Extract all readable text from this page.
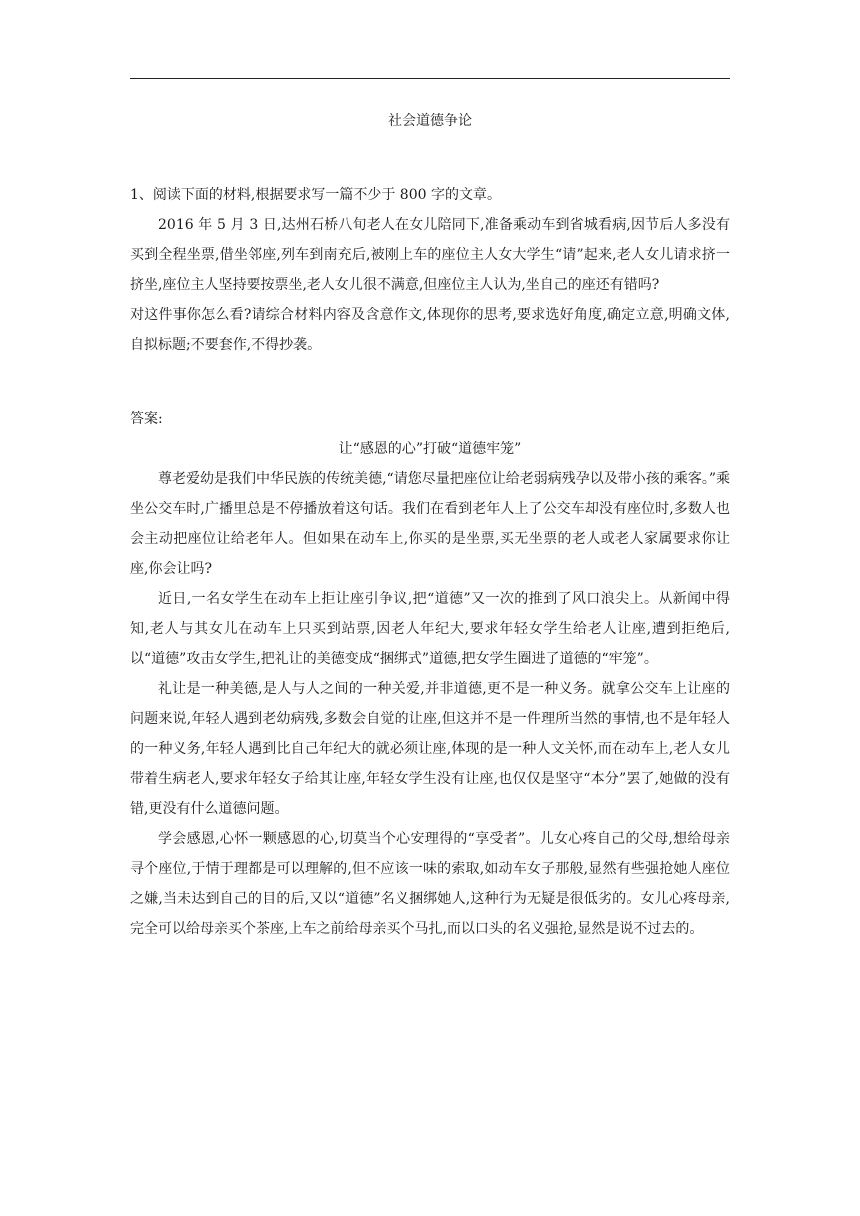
社会道德争论

1、阅读下面的材料,根据要求写一篇不少于 800 字的文章。

2016 年 5 月 3 日,达州石桥八旬老人在女儿陪同下,准备乘动车到省城看病,因节后人多没有买到全程坐票,借坐邻座,列车到南充后,被刚上车的座位主人女大学生“请”起来,老人女儿请求挤一挤坐,座位主人坚持要按票坐,老人女儿很不满意,但座位主人认为,坐自己的座还有错吗?

对这件事你怎么看?请综合材料内容及含意作文,体现你的思考,要求选好角度,确定立意,明确文体,自拟标题;不要套作,不得抄袭。

答案:

让“感恩的心”打破“道德牢笼”

尊老爱幼是我们中华民族的传统美德,“请您尽量把座位让给老弱病残孕以及带小孩的乘客。”乘坐公交车时,广播里总是不停播放着这句话。我们在看到老年人上了公交车却没有座位时,多数人也会主动把座位让给老年人。但如果在动车上,你买的是坐票,买无坐票的老人或老人家属要求你让座,你会让吗?

近日,一名女学生在动车上拒让座引争议,把“道德”又一次的推到了风口浪尖上。从新闻中得知,老人与其女儿在动车上只买到站票,因老人年纪大,要求年轻女学生给老人让座,遭到拒绝后,以“道德”攻击女学生,把礼让的美德变成“捆绑式”道德,把女学生圈进了道德的“牢笼”。

礼让是一种美德,是人与人之间的一种关爱,并非道德,更不是一种义务。就拿公交车上让座的问题来说,年轻人遇到老幼病残,多数会自觉的让座,但这并不是一件理所当然的事情,也不是年轻人的一种义务,年轻人遇到比自己年纪大的就必须让座,体现的是一种人文关怀,而在动车上,老人女儿带着生病老人,要求年轻女子给其让座,年轻女学生没有让座,也仅仅是坚守“本分”罢了,她做的没有错,更没有什么道德问题。

学会感恩,心怀一颗感恩的心,切莫当个心安理得的“享受者”。儿女心疼自己的父母,想给母亲寻个座位,于情于理都是可以理解的,但不应该一味的索取,如动车女子那般,显然有些强抢她人座位之嫌,当未达到自己的目的后,又以“道德”名义捆绑她人,这种行为无疑是很低劣的。女儿心疼母亲,完全可以给母亲买个茶座,上车之前给母亲买个马扎,而以口头的名义强抢,显然是说不过去的。
